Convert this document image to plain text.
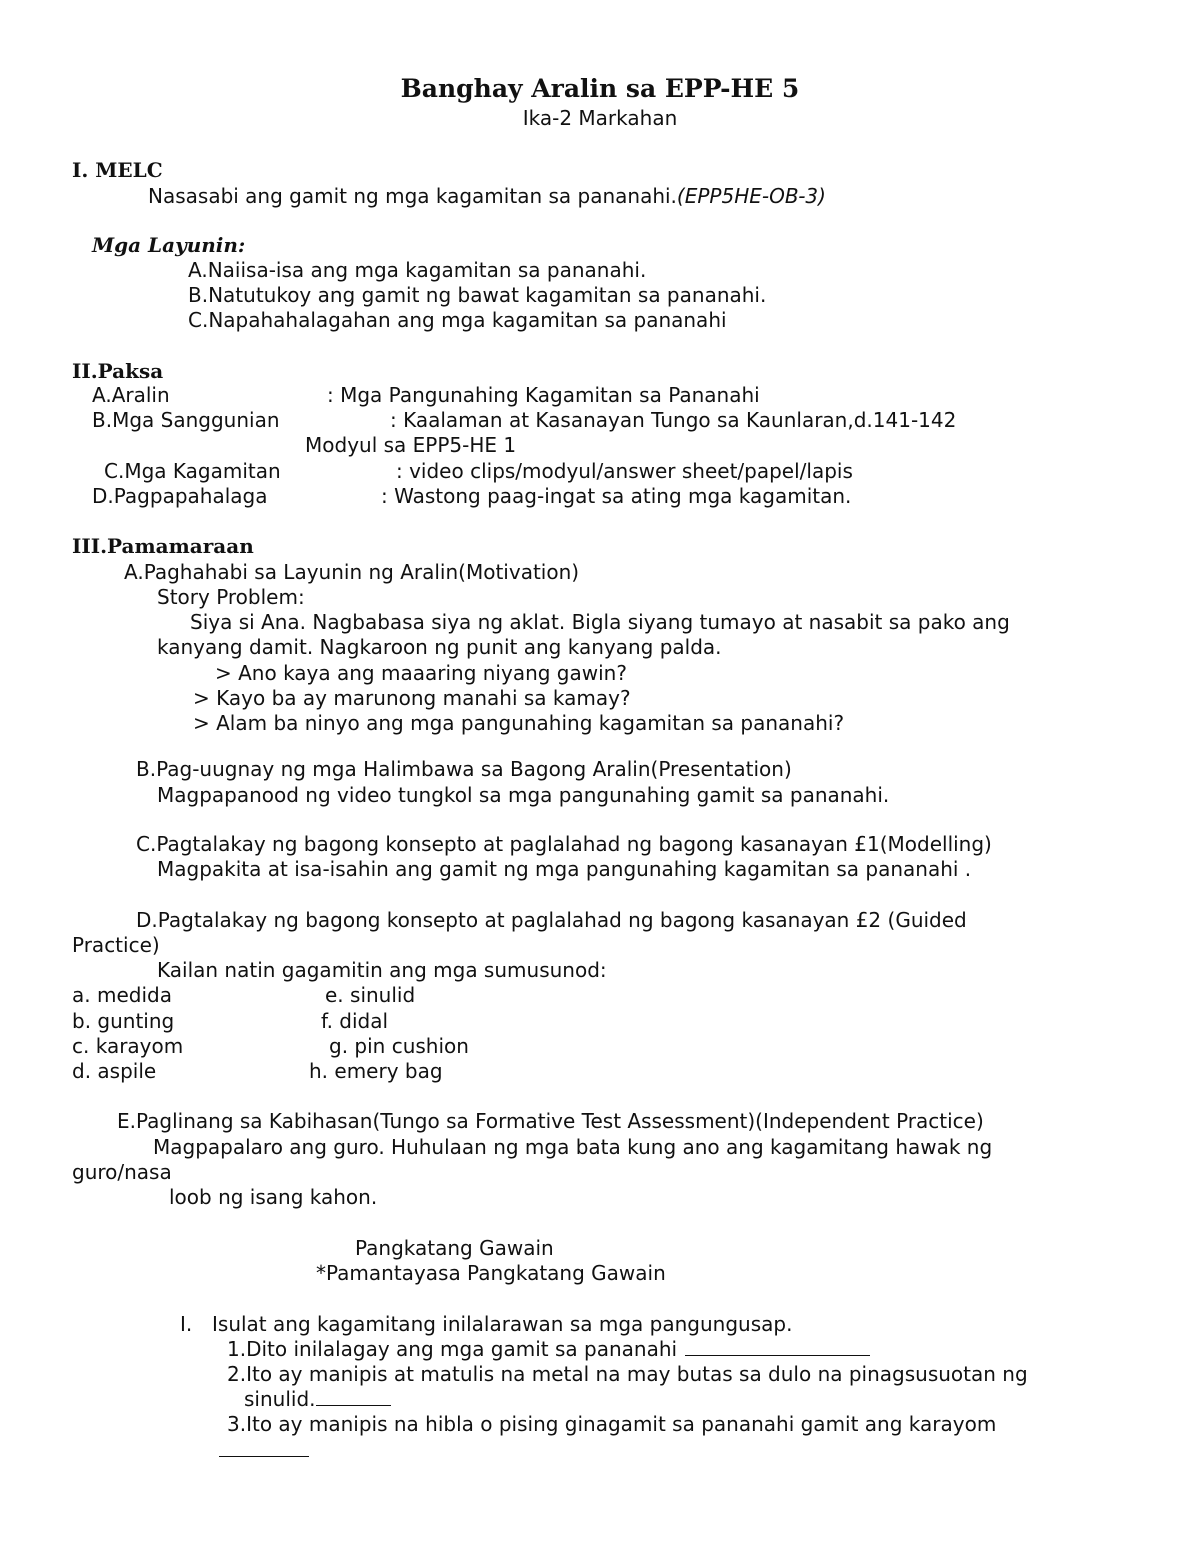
Banghay Aralin sa EPP-HE 5
Ika-2 Markahan
I. MELC
Nasasabi ang gamit ng mga kagamitan sa pananahi.(EPP5HE-OB-3)
Mga Layunin:
A.Naiisa-isa ang mga kagamitan sa pananahi.
B.Natutukoy ang gamit ng bawat kagamitan sa pananahi.
C.Napahahalagahan ang mga kagamitan sa pananahi
II.Paksa
A.Aralin	: Mga Pangunahing Kagamitan sa Pananahi
B.Mga Sanggunian	: Kaalaman at Kasanayan Tungo sa Kaunlaran,d.141-142
Modyul sa EPP5-HE 1
C.Mga Kagamitan	: video clips/modyul/answer sheet/papel/lapis
D.Pagpapahalaga	: Wastong paag-ingat sa ating mga kagamitan.
III.Pamamaraan
A.Paghahabi sa Layunin ng Aralin(Motivation)
Story Problem:
Siya si Ana. Nagbabasa siya ng aklat. Bigla siyang tumayo at nasabit sa pako ang
kanyang damit. Nagkaroon ng punit ang kanyang palda.
> Ano kaya ang maaaring niyang gawin?
> Kayo ba ay marunong manahi sa kamay?
> Alam ba ninyo ang mga pangunahing kagamitan sa pananahi?
B.Pag-uugnay ng mga Halimbawa sa Bagong Aralin(Presentation)
Magpapanood ng video tungkol sa mga pangunahing gamit sa pananahi.
C.Pagtalakay ng bagong konsepto at paglalahad ng bagong kasanayan £1(Modelling)
Magpakita at isa-isahin ang gamit ng mga pangunahing kagamitan sa pananahi .
D.Pagtalakay ng bagong konsepto at paglalahad ng bagong kasanayan £2 (Guided
Practice)
Kailan natin gagamitin ang mga sumusunod:
a. medida
b. gunting
c. karayom
d. aspile
e. sinulid
f. didal
g. pin cushion
h. emery bag
E.Paglinang sa Kabihasan(Tungo sa Formative Test Assessment)(Independent Practice)
Magpapalaro ang guro. Huhulaan ng mga bata kung ano ang kagamitang hawak ng
guro/nasa
loob ng isang kahon.
Pangkatang Gawain
*Pamantayasa Pangkatang Gawain
I. Isulat ang kagamitang inilalarawan sa mga pangungusap.
1.Dito inilalagay ang mga gamit sa pananahi
2.Ito ay manipis at matulis na metal na may butas sa dulo na pinagsusuotan ng
sinulid.
3.Ito ay manipis na hibla o pising ginagamit sa pananahi gamit ang karayom
